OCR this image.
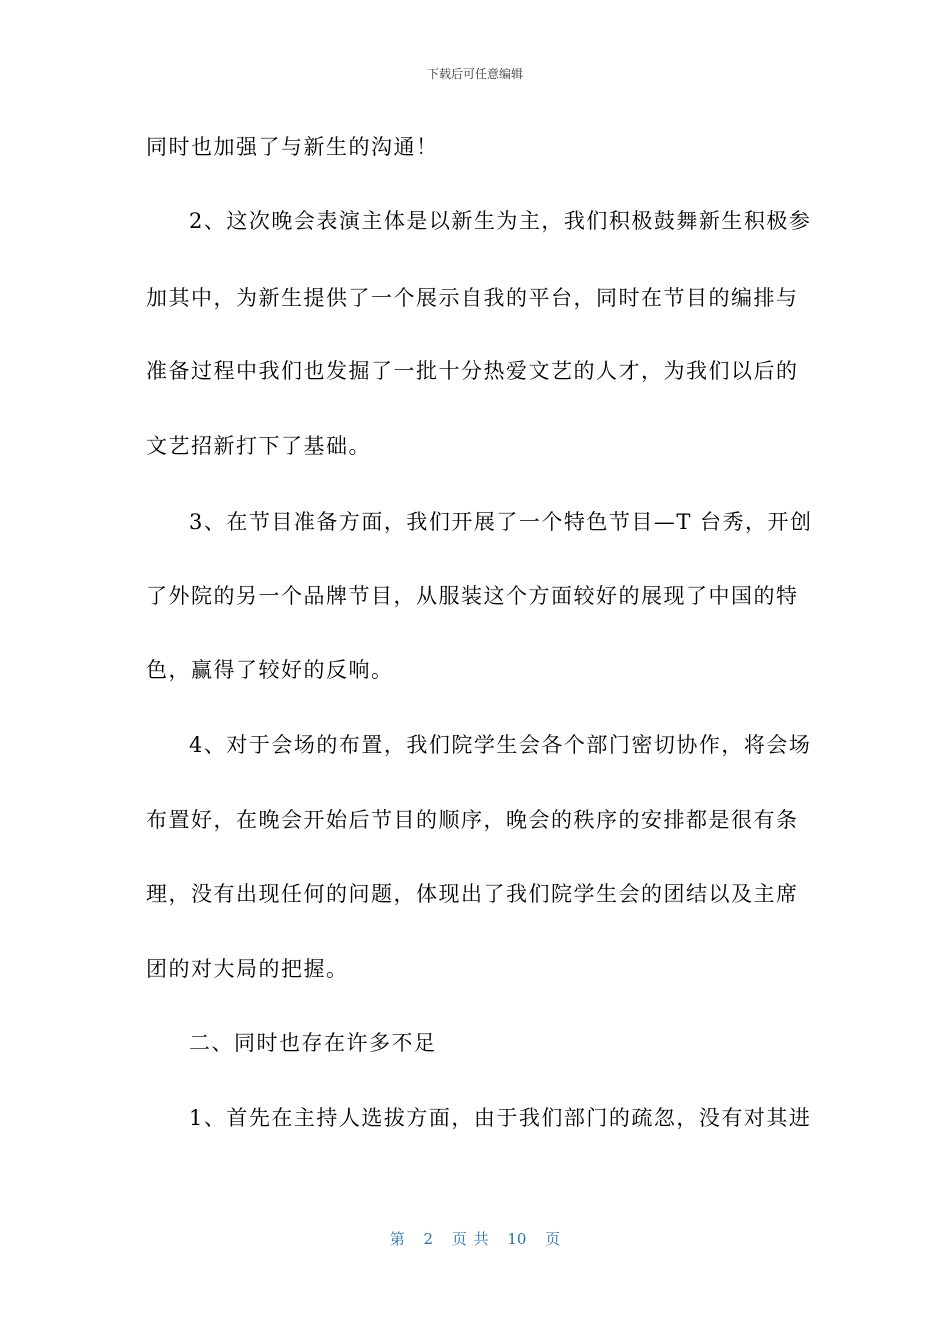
下载后可任意编辑
同时也加强了与新生的沟通！
2、这次晚会表演主体是以新生为主，我们积极鼓舞新生积极参
加其中，为新生提供了一个展示自我的平台，同时在节目的编排与
准备过程中我们也发掘了一批十分热爱文艺的人才，为我们以后的
文艺招新打下了基础。
3、在节目准备方面，我们开展了一个特色节目—T 台秀，开创
了外院的另一个品牌节目，从服装这个方面较好的展现了中国的特
色，赢得了较好的反响。
4、对于会场的布置，我们院学生会各个部门密切协作，将会场
布置好，在晚会开始后节目的顺序，晚会的秩序的安排都是很有条
理，没有出现任何的问题，体现出了我们院学生会的团结以及主席
团的对大局的把握。
二、同时也存在许多不足
1、首先在主持人选拔方面，由于我们部门的疏忽，没有对其进
第 2 页 共 10 页
